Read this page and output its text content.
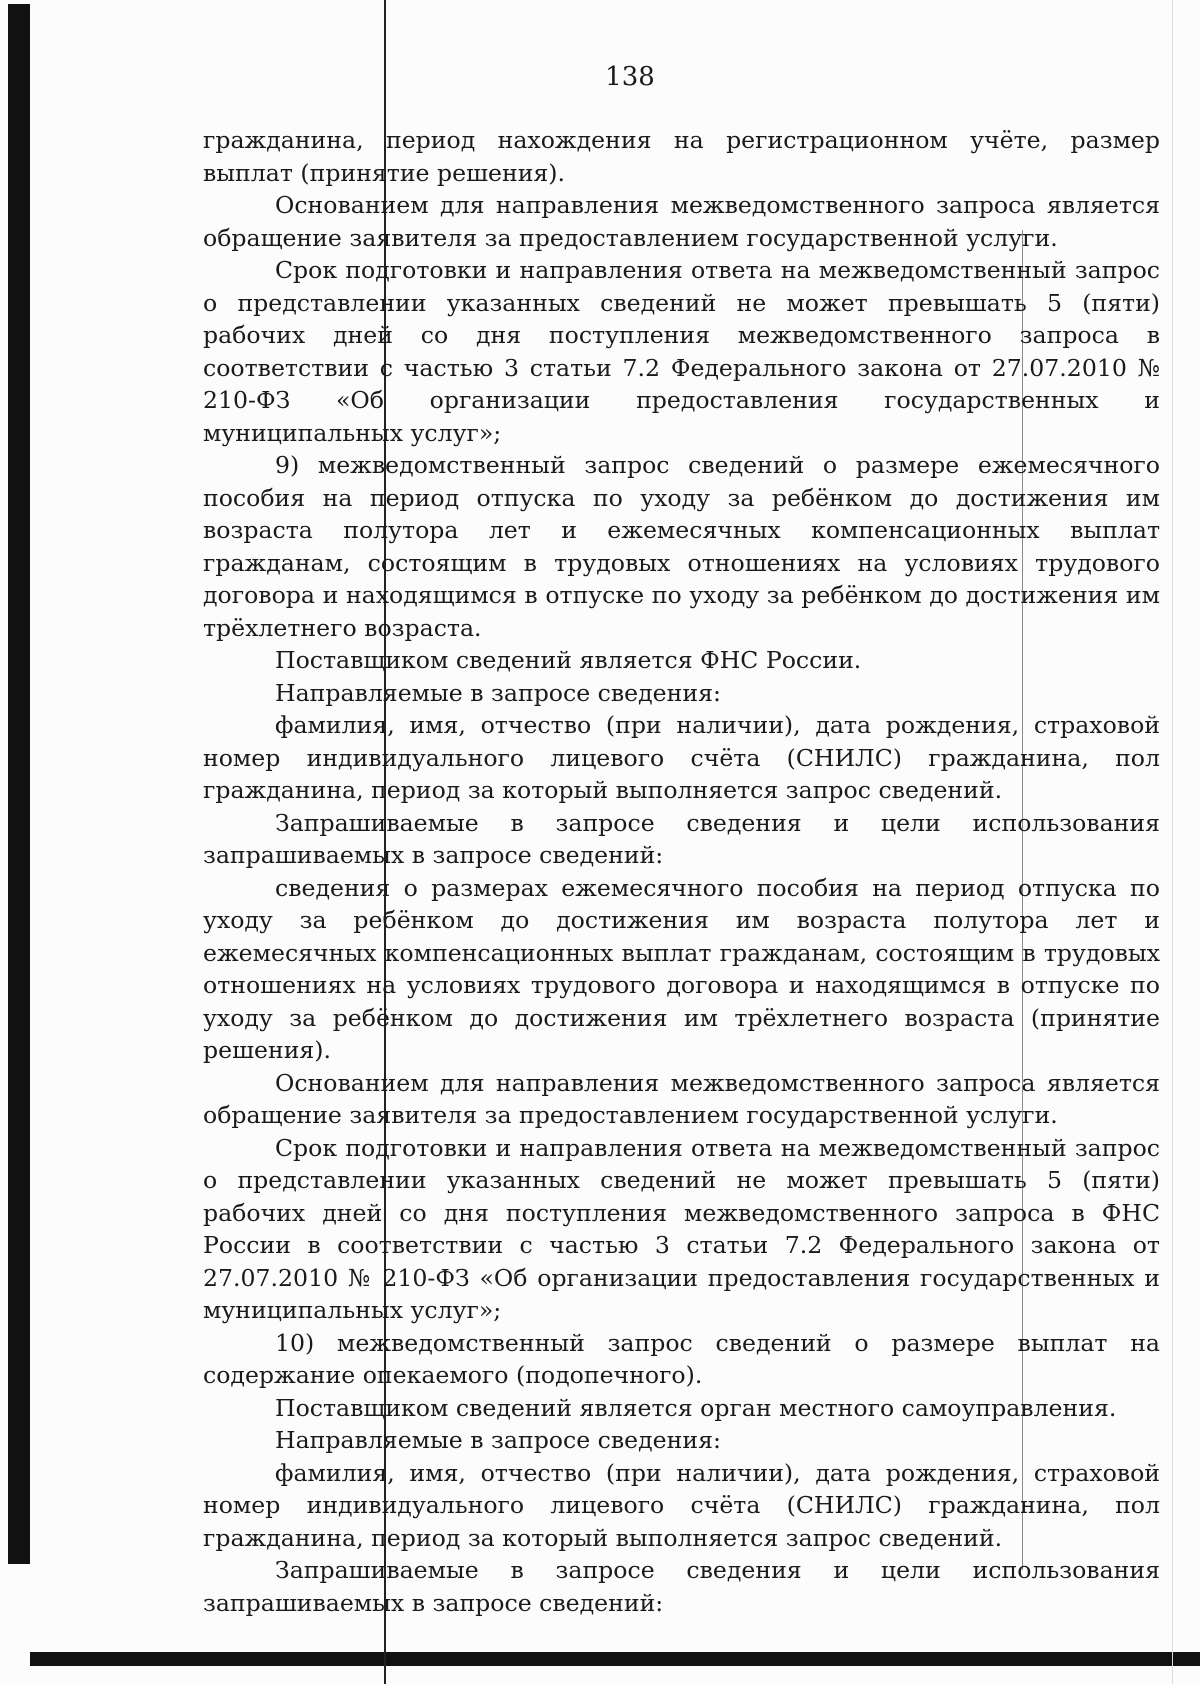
138

гражданина, период нахождения на регистрационном учёте, размер выплат (принятие решения).

Основанием для направления межведомственного запроса является обращение заявителя за предоставлением государственной услуги.

Срок подготовки и направления ответа на межведомственный запрос о представлении указанных сведений не может превышать 5 (пяти) рабочих дней со дня поступления межведомственного запроса в соответствии с частью 3 статьи 7.2 Федерального закона от 27.07.2010 № 210-ФЗ «Об организации предоставления государственных и муниципальных услуг»;

9) межведомственный запрос сведений о размере ежемесячного пособия на период отпуска по уходу за ребёнком до достижения им возраста полутора лет и ежемесячных компенсационных выплат гражданам, состоящим в трудовых отношениях на условиях трудового договора и находящимся в отпуске по уходу за ребёнком до достижения им трёхлетнего возраста.

Поставщиком сведений является ФНС России.

Направляемые в запросе сведения:

фамилия, имя, отчество (при наличии), дата рождения, страховой номер индивидуального лицевого счёта (СНИЛС) гражданина, пол гражданина, период за который выполняется запрос сведений.

Запрашиваемые в запросе сведения и цели использования запрашиваемых в запросе сведений:

сведения о размерах ежемесячного пособия на период отпуска по уходу за ребёнком до достижения им возраста полутора лет и ежемесячных компенсационных выплат гражданам, состоящим в трудовых отношениях на условиях трудового договора и находящимся в отпуске по уходу за ребёнком до достижения им трёхлетнего возраста (принятие решения).

Основанием для направления межведомственного запроса является обращение заявителя за предоставлением государственной услуги.

Срок подготовки и направления ответа на межведомственный запрос о представлении указанных сведений не может превышать 5 (пяти) рабочих дней со дня поступления межведомственного запроса в ФНС России в соответствии с частью 3 статьи 7.2 Федерального закона от 27.07.2010 № 210-ФЗ «Об организации предоставления государственных и муниципальных услуг»;

10) межведомственный запрос сведений о размере выплат на содержание опекаемого (подопечного).

Поставщиком сведений является орган местного самоуправления.

Направляемые в запросе сведения:

фамилия, имя, отчество (при наличии), дата рождения, страховой номер индивидуального лицевого счёта (СНИЛС) гражданина, пол гражданина, период за который выполняется запрос сведений.

Запрашиваемые в запросе сведения и цели использования запрашиваемых в запросе сведений:
